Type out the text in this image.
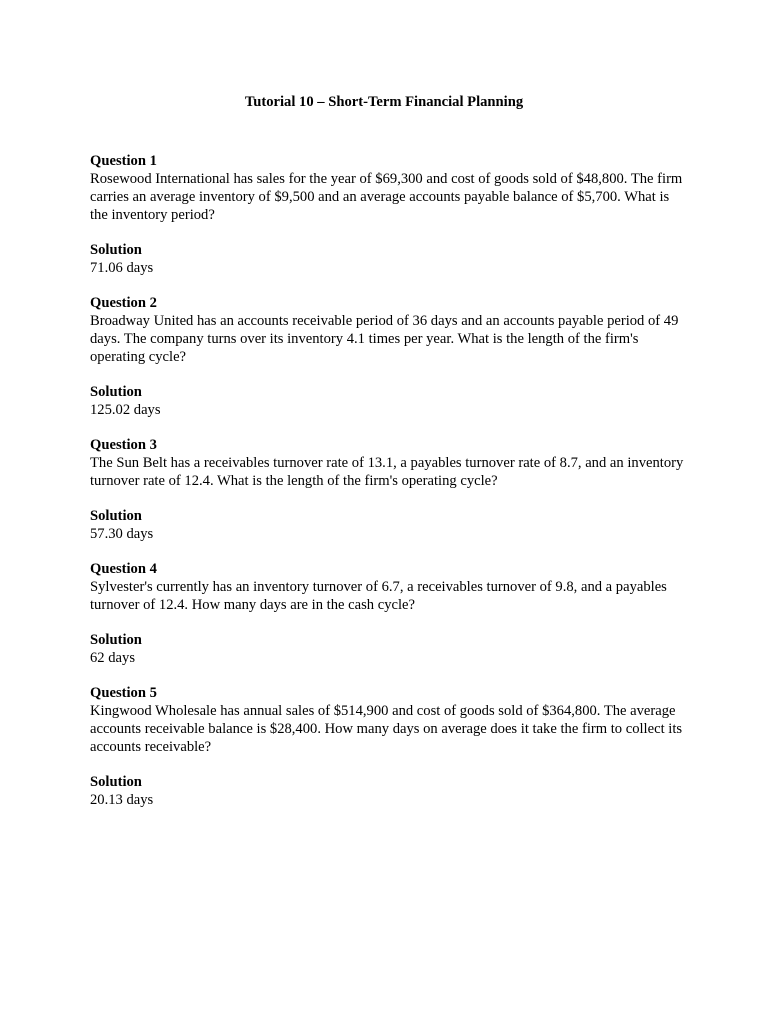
Tutorial 10 – Short-Term Financial Planning

Question 1

Rosewood International has sales for the year of $69,300 and cost of goods sold of $48,800. The firm carries an average inventory of $9,500 and an average accounts payable balance of $5,700. What is the inventory period?

Solution

71.06 days

Question 2

Broadway United has an accounts receivable period of 36 days and an accounts payable period of 49 days. The company turns over its inventory 4.1 times per year. What is the length of the firm's operating cycle?

Solution

125.02 days

Question 3

The Sun Belt has a receivables turnover rate of 13.1, a payables turnover rate of 8.7, and an inventory turnover rate of 12.4. What is the length of the firm's operating cycle?

Solution

57.30 days

Question 4

Sylvester's currently has an inventory turnover of 6.7, a receivables turnover of 9.8, and a payables turnover of 12.4. How many days are in the cash cycle?

Solution

62 days

Question 5

Kingwood Wholesale has annual sales of $514,900 and cost of goods sold of $364,800. The average accounts receivable balance is $28,400. How many days on average does it take the firm to collect its accounts receivable?

Solution

20.13 days
